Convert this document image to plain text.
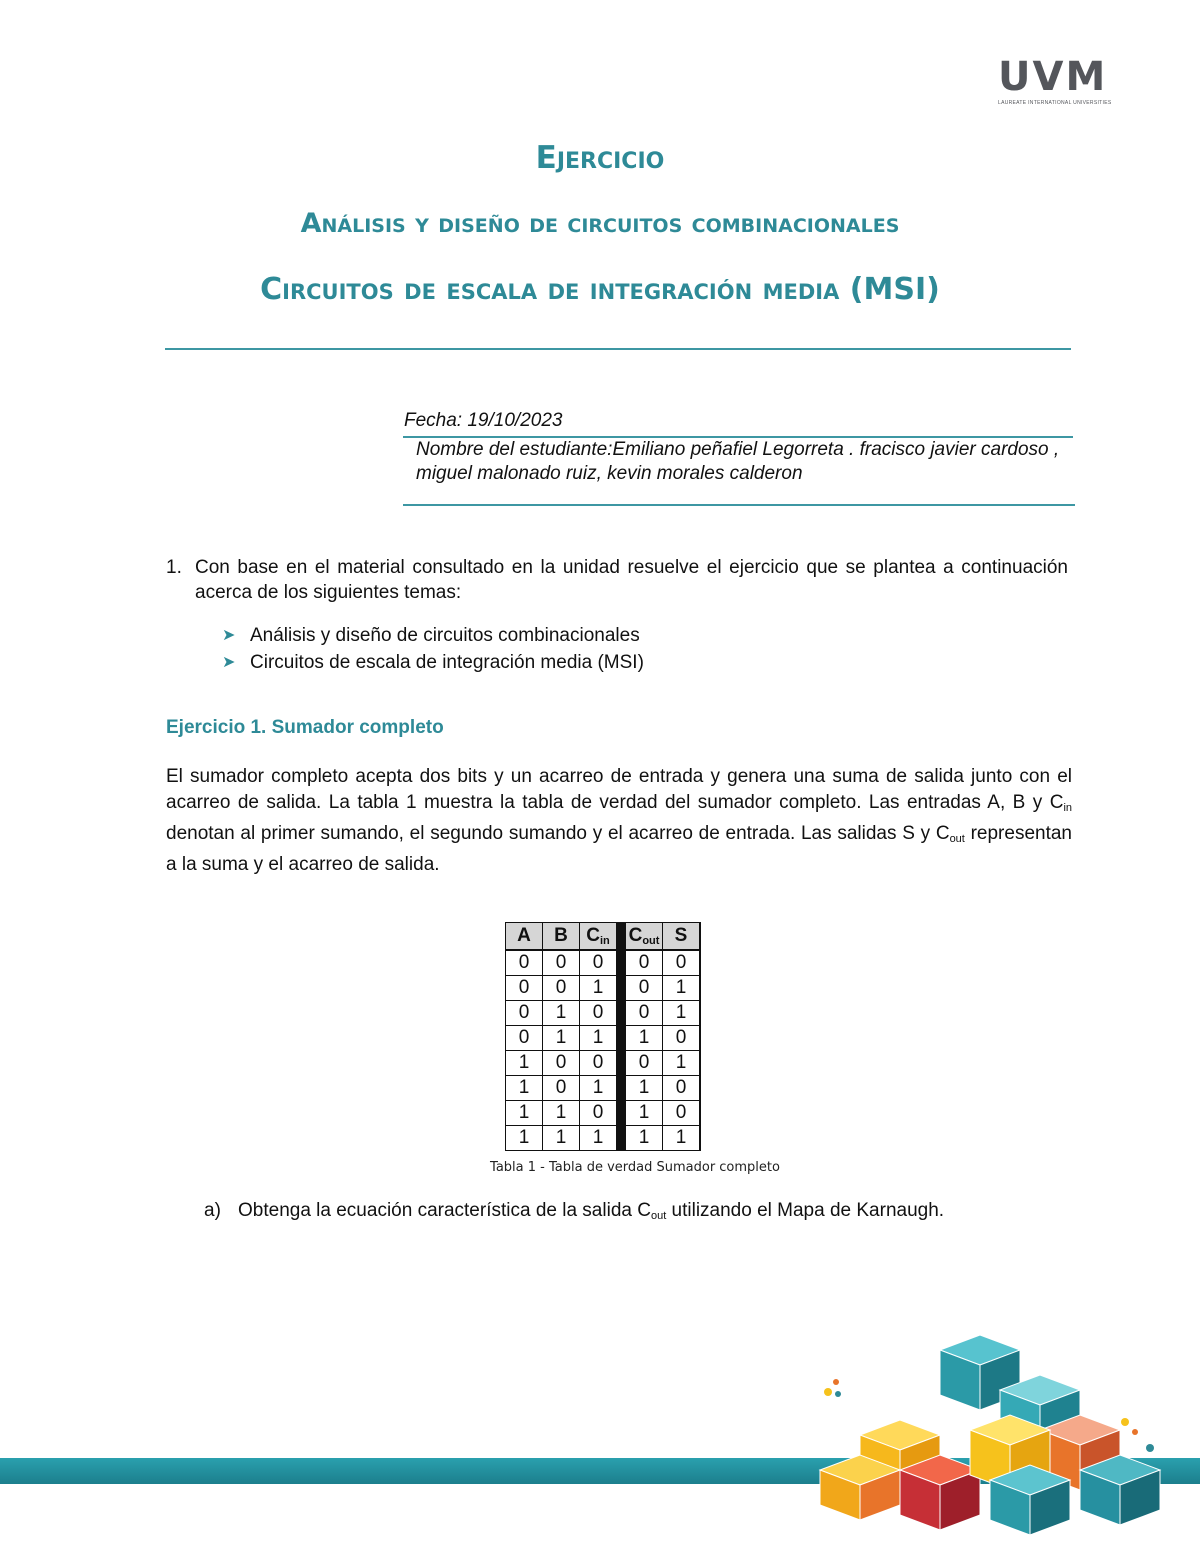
UVM
LAUREATE INTERNATIONAL UNIVERSITIES
Ejercicio
Análisis y diseño de circuitos combinacionales
Circuitos de escala de integración media (MSI)
Fecha: 19/10/2023
Nombre del estudiante:Emiliano peñafiel Legorreta . fracisco javier cardoso , miguel malonado ruiz, kevin morales calderon
1. Con base en el material consultado en la unidad resuelve el ejercicio que se plantea a continuación acerca de los siguientes temas:
➤ Análisis y diseño de circuitos combinacionales
➤ Circuitos de escala de integración media (MSI)
Ejercicio 1. Sumador completo
El sumador completo acepta dos bits y un acarreo de entrada y genera una suma de salida junto con el acarreo de salida. La tabla 1 muestra la tabla de verdad del sumador completo. Las entradas A, B y $C_{in}$ denotan al primer sumando, el segundo sumando y el acarreo de entrada. Las salidas S y $C_{out}$ representan a la suma y el acarreo de salida.
A	B	$C_{in}$		$C_{out}$	S
0	0	0		0	0
0	0	1		0	1
0	1	0		0	1
0	1	1		1	0
1	0	0		0	1
1	0	1		1	0
1	1	0		1	0
1	1	1		1	1
Tabla 1 - Tabla de verdad Sumador completo
a) Obtenga la ecuación característica de la salida $C_{out}$ utilizando el Mapa de Karnaugh.
